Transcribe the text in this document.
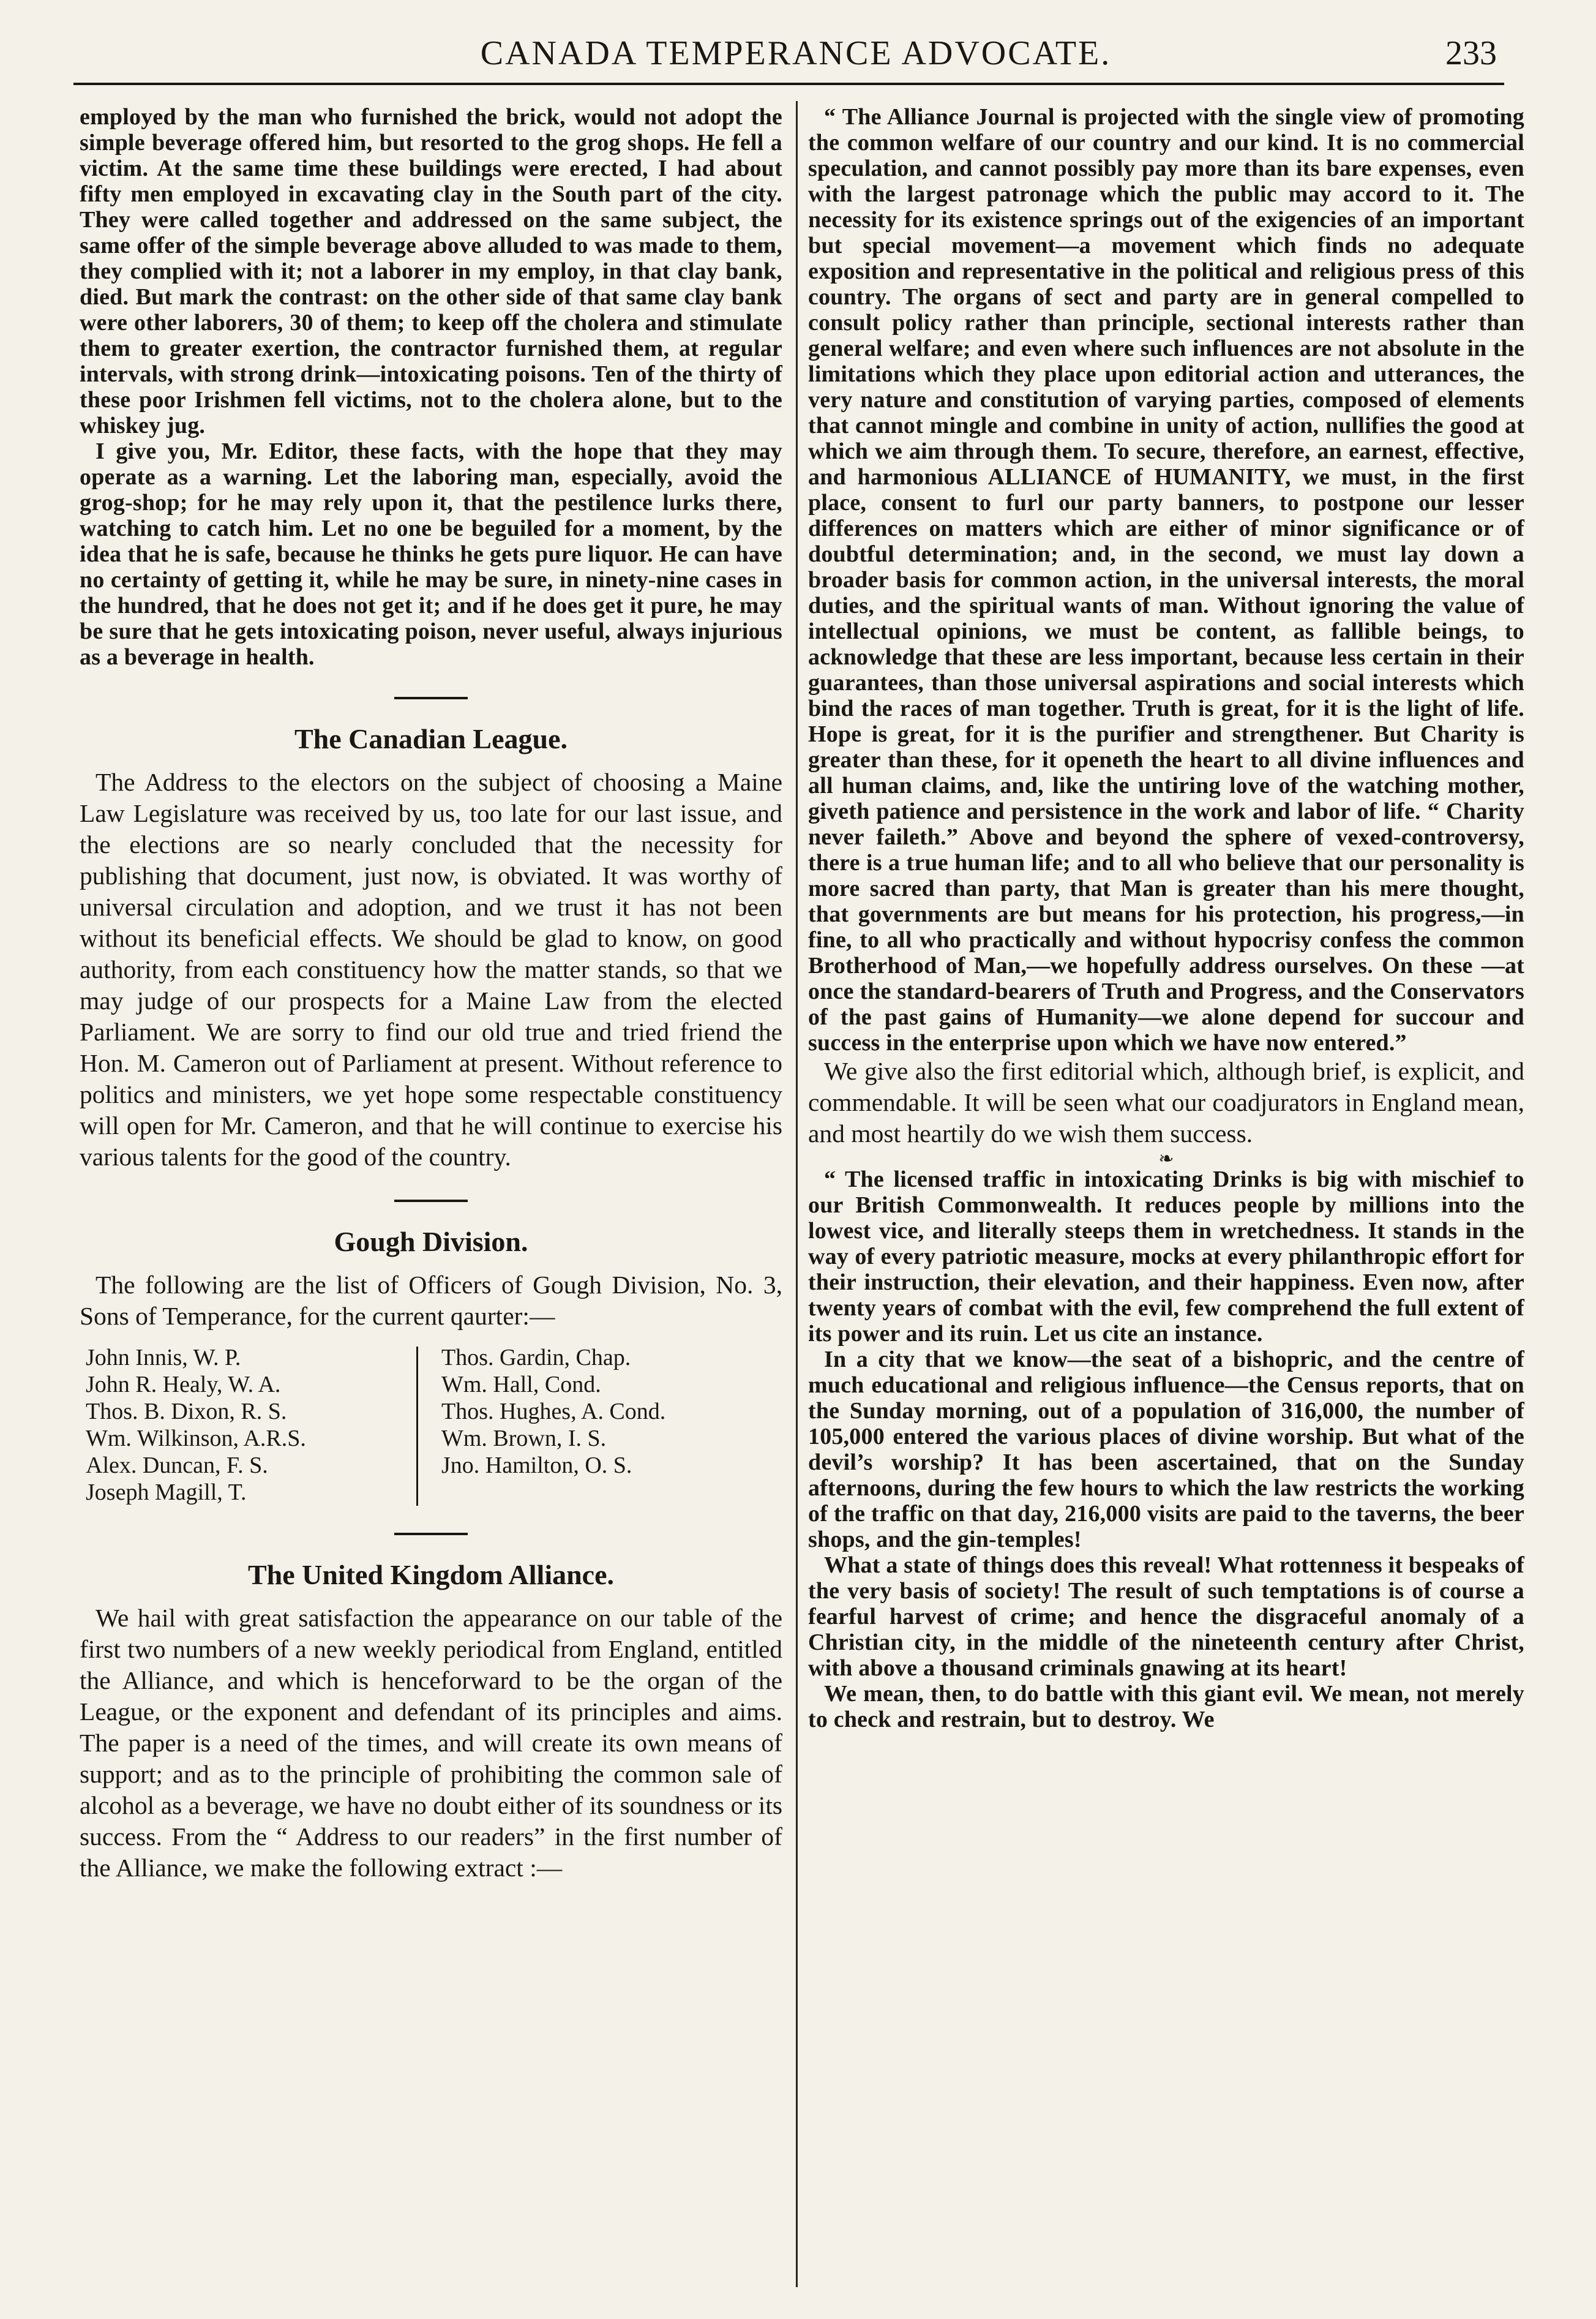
CANADA TEMPERANCE ADVOCATE.	233

employed by the man who furnished the brick, would not adopt the simple beverage offered him, but resorted to the grog shops. He fell a victim. At the same time these buildings were erected, I had about fifty men employed in excavating clay in the South part of the city. They were called together and addressed on the same subject, the same offer of the simple beverage above alluded to was made to them, they complied with it; not a laborer in my employ, in that clay bank, died. But mark the contrast: on the other side of that same clay bank were other laborers, 30 of them; to keep off the cholera and stimulate them to greater exertion, the contractor furnished them, at regular intervals, with strong drink—intoxicating poisons. Ten of the thirty of these poor Irishmen fell victims, not to the cholera alone, but to the whiskey jug.

I give you, Mr. Editor, these facts, with the hope that they may operate as a warning. Let the laboring man, especially, avoid the grog-shop; for he may rely upon it, that the pestilence lurks there, watching to catch him. Let no one be beguiled for a moment, by the idea that he is safe, because he thinks he gets pure liquor. He can have no certainty of getting it, while he may be sure, in ninety-nine cases in the hundred, that he does not get it; and if he does get it pure, he may be sure that he gets intoxicating poison, never useful, always injurious as a beverage in health.

The Canadian League.

The Address to the electors on the subject of choosing a Maine Law Legislature was received by us, too late for our last issue, and the elections are so nearly concluded that the necessity for publishing that document, just now, is obviated. It was worthy of universal circulation and adoption, and we trust it has not been without its beneficial effects. We should be glad to know, on good authority, from each constituency how the matter stands, so that we may judge of our prospects for a Maine Law from the elected Parliament. We are sorry to find our old true and tried friend the Hon. M. Cameron out of Parliament at present. Without reference to politics and ministers, we yet hope some respectable constituency will open for Mr. Cameron, and that he will continue to exercise his various talents for the good of the country.

Gough Division.

The following are the list of Officers of Gough Division, No. 3, Sons of Temperance, for the current qaurter:—

John Innis, W. P.
John R. Healy, W. A.
Thos. B. Dixon, R. S.
Wm. Wilkinson, A.R.S.
Alex. Duncan, F. S.
Joseph Magill, T.
Thos. Gardin, Chap.
Wm. Hall, Cond.
Thos. Hughes, A. Cond.
Wm. Brown, I. S.
Jno. Hamilton, O. S.
The United Kingdom Alliance.

We hail with great satisfaction the appearance on our table of the first two numbers of a new weekly periodical from England, entitled the Alliance, and which is henceforward to be the organ of the League, or the exponent and defendant of its principles and aims. The paper is a need of the times, and will create its own means of support; and as to the principle of prohibiting the common sale of alcohol as a beverage, we have no doubt either of its soundness or its success. From the “ Address to our readers” in the first number of the Alliance, we make the following extract :—

“ The Alliance Journal is projected with the single view of promoting the common welfare of our country and our kind. It is no commercial speculation, and cannot possibly pay more than its bare expenses, even with the largest patronage which the public may accord to it. The necessity for its existence springs out of the exigencies of an important but special movement—a movement which finds no adequate exposition and representative in the political and religious press of this country. The organs of sect and party are in general compelled to consult policy rather than principle, sectional interests rather than general welfare; and even where such influences are not absolute in the limitations which they place upon editorial action and utterances, the very nature and constitution of varying parties, composed of elements that cannot mingle and combine in unity of action, nullifies the good at which we aim through them. To secure, therefore, an earnest, effective, and harmonious ALLIANCE of HUMANITY, we must, in the first place, consent to furl our party banners, to postpone our lesser differences on matters which are either of minor significance or of doubtful determination; and, in the second, we must lay down a broader basis for common action, in the universal interests, the moral duties, and the spiritual wants of man. Without ignoring the value of intellectual opinions, we must be content, as fallible beings, to acknowledge that these are less important, because less certain in their guarantees, than those universal aspirations and social interests which bind the races of man together. Truth is great, for it is the light of life. Hope is great, for it is the purifier and strengthener. But Charity is greater than these, for it openeth the heart to all divine influences and all human claims, and, like the untiring love of the watching mother, giveth patience and persistence in the work and labor of life. “ Charity never faileth.” Above and beyond the sphere of vexed-controversy, there is a true human life; and to all who believe that our personality is more sacred than party, that Man is greater than his mere thought, that governments are but means for his protection, his progress,—in fine, to all who practically and without hypocrisy confess the common Brotherhood of Man,—we hopefully address ourselves. On these —at once the standard-bearers of Truth and Progress, and the Conservators of the past gains of Humanity—we alone depend for succour and success in the enterprise upon which we have now entered.”

We give also the first editorial which, although brief, is explicit, and commendable. It will be seen what our coadjurators in England mean, and most heartily do we wish them success.

❧

“ The licensed traffic in intoxicating Drinks is big with mischief to our British Commonwealth. It reduces people by millions into the lowest vice, and literally steeps them in wretchedness. It stands in the way of every patriotic measure, mocks at every philanthropic effort for their instruction, their elevation, and their happiness. Even now, after twenty years of combat with the evil, few comprehend the full extent of its power and its ruin. Let us cite an instance.

In a city that we know—the seat of a bishopric, and the centre of much educational and religious influence—the Census reports, that on the Sunday morning, out of a population of 316,000, the number of 105,000 entered the various places of divine worship. But what of the devil’s worship? It has been ascertained, that on the Sunday afternoons, during the few hours to which the law restricts the working of the traffic on that day, 216,000 visits are paid to the taverns, the beer shops, and the gin-temples!

What a state of things does this reveal! What rottenness it bespeaks of the very basis of society! The result of such temptations is of course a fearful harvest of crime; and hence the disgraceful anomaly of a Christian city, in the middle of the nineteenth century after Christ, with above a thousand criminals gnawing at its heart!

We mean, then, to do battle with this giant evil. We mean, not merely to check and restrain, but to destroy. We
